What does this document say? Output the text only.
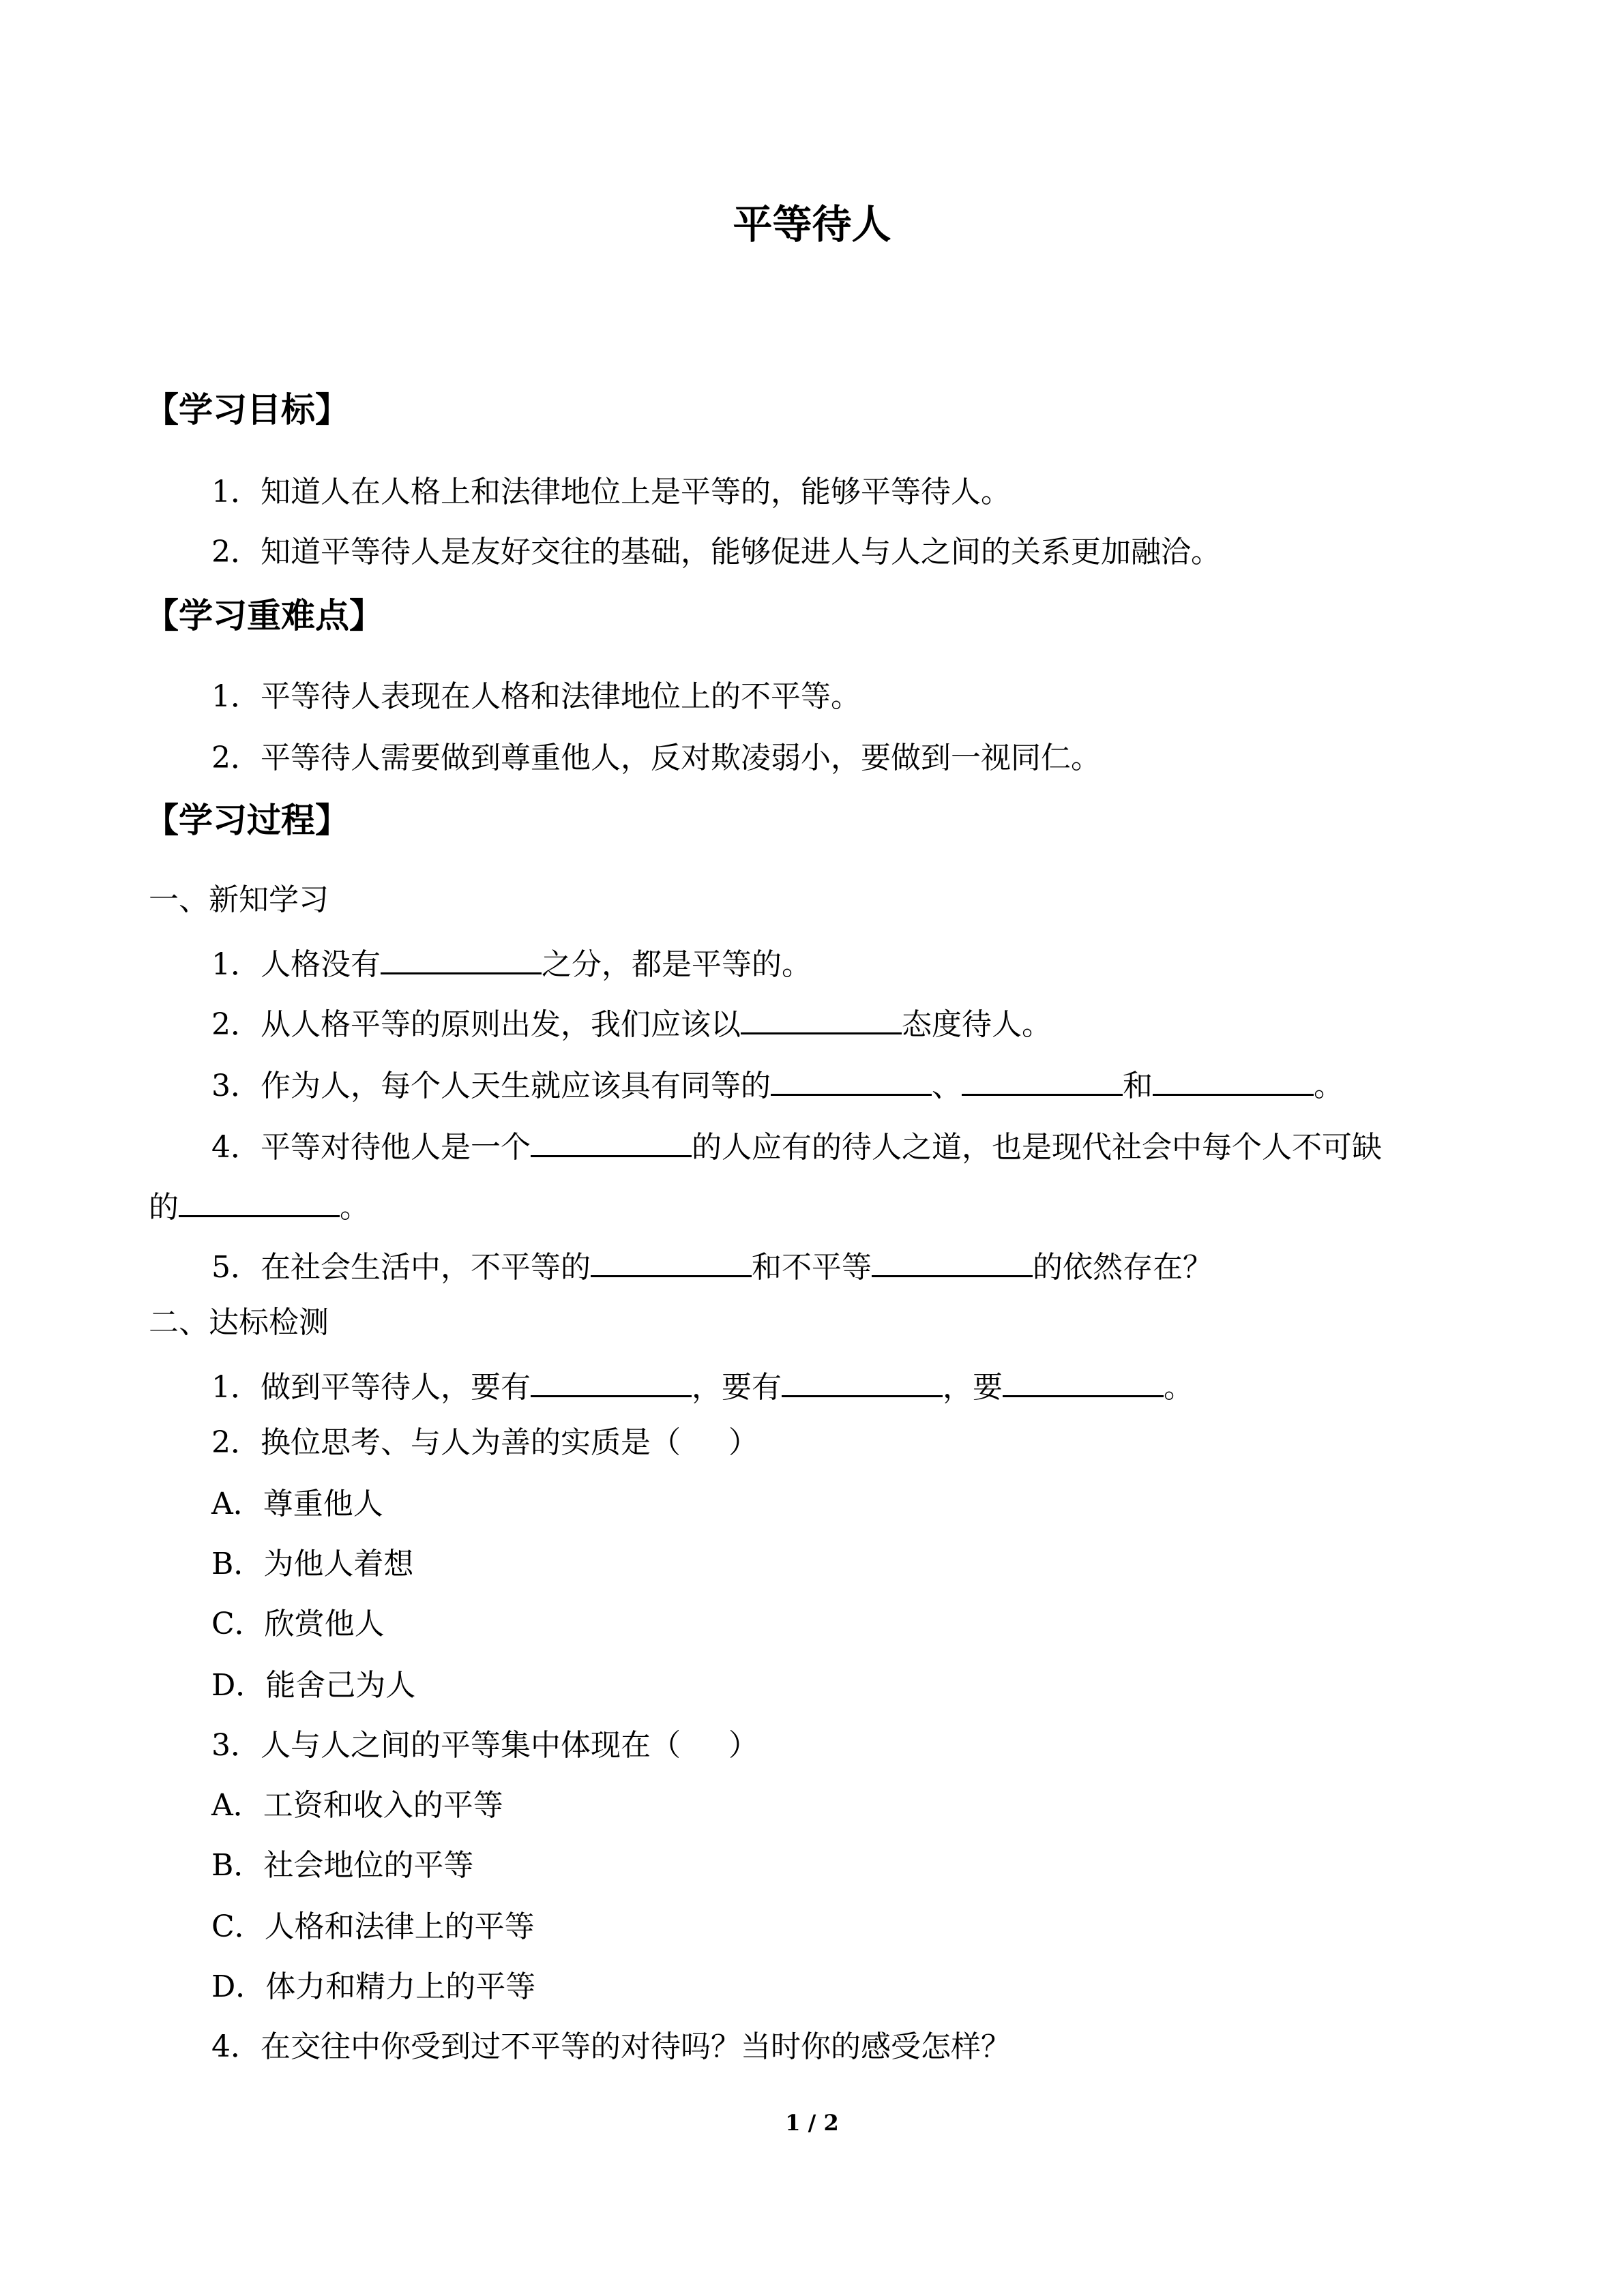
平等待人
【学习目标】
1．知道人在人格上和法律地位上是平等的，能够平等待人。
2．知道平等待人是友好交往的基础，能够促进人与人之间的关系更加融洽。
【学习重难点】
1．平等待人表现在人格和法律地位上的不平等。
2．平等待人需要做到尊重他人，反对欺凌弱小，要做到一视同仁。
【学习过程】
一、新知学习
1．人格没有	之分，都是平等的。
2．从人格平等的原则出发，我们应该以	态度待人。
3．作为人，每个人天生就应该具有同等的	、	和	。
4．平等对待他人是一个	的人应有的待人之道，也是现代社会中每个人不可缺
的	。
5．在社会生活中，不平等的	和不平等	的依然存在？
二、达标检测
1．做到平等待人，要有	，要有	，要	。
2．换位思考、与人为善的实质是（ ）
A．尊重他人
B．为他人着想
C．欣赏他人
D．能舍己为人
3．人与人之间的平等集中体现在（ ）
A．工资和收入的平等
B．社会地位的平等
C．人格和法律上的平等
D．体力和精力上的平等
4．在交往中你受到过不平等的对待吗？当时你的感受怎样？
1 / 2
